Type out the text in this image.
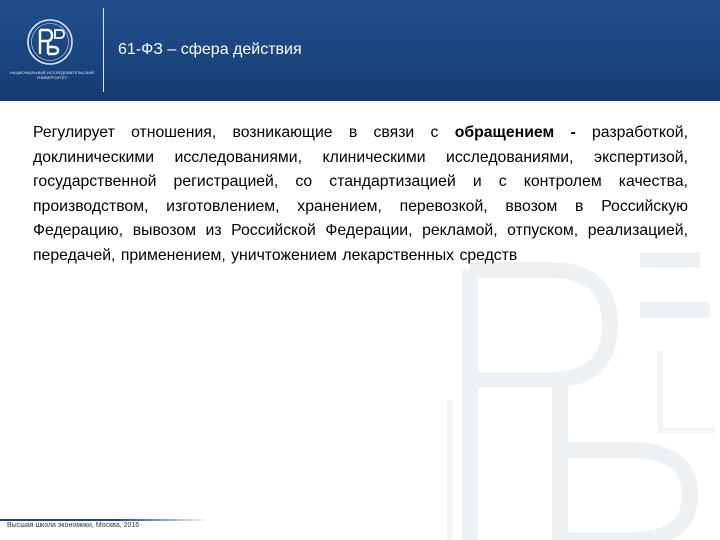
НАЦИОНАЛЬНЫЙ ИССЛЕДОВАТЕЛЬСКИЙ УНИВЕРСИТЕТ
61-ФЗ – сфера действия
Регулирует отношения, возникающие в связи с обращением - разработкой, доклиническими исследованиями, клиническими исследованиями, экспертизой, государственной регистрацией, со стандартизацией и с контролем качества, производством, изготовлением, хранением, перевозкой, ввозом в Российскую Федерацию, вывозом из Российской Федерации, рекламой, отпуском, реализацией, передачей, применением, уничтожением лекарственных средств
Высшая школа экономики, Москва, 2016
